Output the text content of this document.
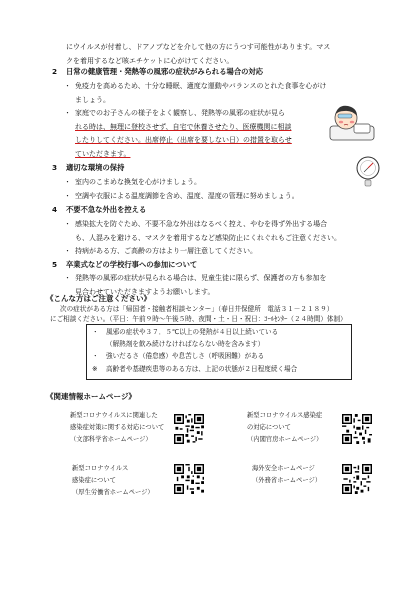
にウイルスが付着し、ドアノブなどを介して他の方にうつす可能性があります。マス
クを着用するなど咳エチケットに心がけてください。
2 日常の健康管理・発熱等の風邪の症状がみられる場合の対応
・ 免疫力を高めるため、十分な睡眠、適度な運動やバランスのとれた食事を心がけ
ましょう。
・ 家庭でのお子さんの様子をよく観察し、発熱等の風邪の症状が見ら
れる時は、無理に登校させず、自宅で休養させたり、医療機関に相談
したりしてください。出席停止（出席を要しない日）の措置を取らせ
ていただきます。
3 適切な環境の保持
・ 室内のこまめな換気を心がけましょう。
・ 空調や衣服による温度調節を含め、温度、湿度の管理に努めましょう。
4 不要不急な外出を控える
・ 感染拡大を防ぐため、不要不急な外出はなるべく控え、やむを得ず外出する場合
も、人混みを避ける、マスクを着用するなど感染防止にくれぐれもご注意ください。
・ 持病がある方、ご高齢の方はより一層注意してください。
5 卒業式などの学校行事への参加について
・ 発熱等の風邪の症状が見られる場合は、児童生徒に限らず、保護者の方も参加を
見合わせていただきますようお願いします。
《こんな方はご注意ください》
次の症状がある方は「帰国者・接触者相談センター」（春日井保健所　電話３１－２１８９）
にご相談ください。（平日：午前９時～午後５時、夜間・土・日・祝日：ｺｰﾙｾﾝﾀｰ（２４時間）体制）
・ 風邪の症状や３７．５℃以上の発熱が４日以上続いている
（解熱剤を飲み続けなければならない時を含みます）
・ 強いだるさ（倦怠感）や息苦しさ（呼吸困難）がある
※ 高齢者や基礎疾患等のある方は、上記の状態が２日程度続く場合
《関連情報ホームページ》
新型コロナウイルスに関連した
感染症対策に関する対応について
（文部科学省ホームページ）
新型コロナウイルス感染症
の対応について
（内閣官房ホームページ）
新型コロナウイルス
感染症について
（厚生労働省ホームページ）
海外安全ホームページ
（外務省ホームページ）
